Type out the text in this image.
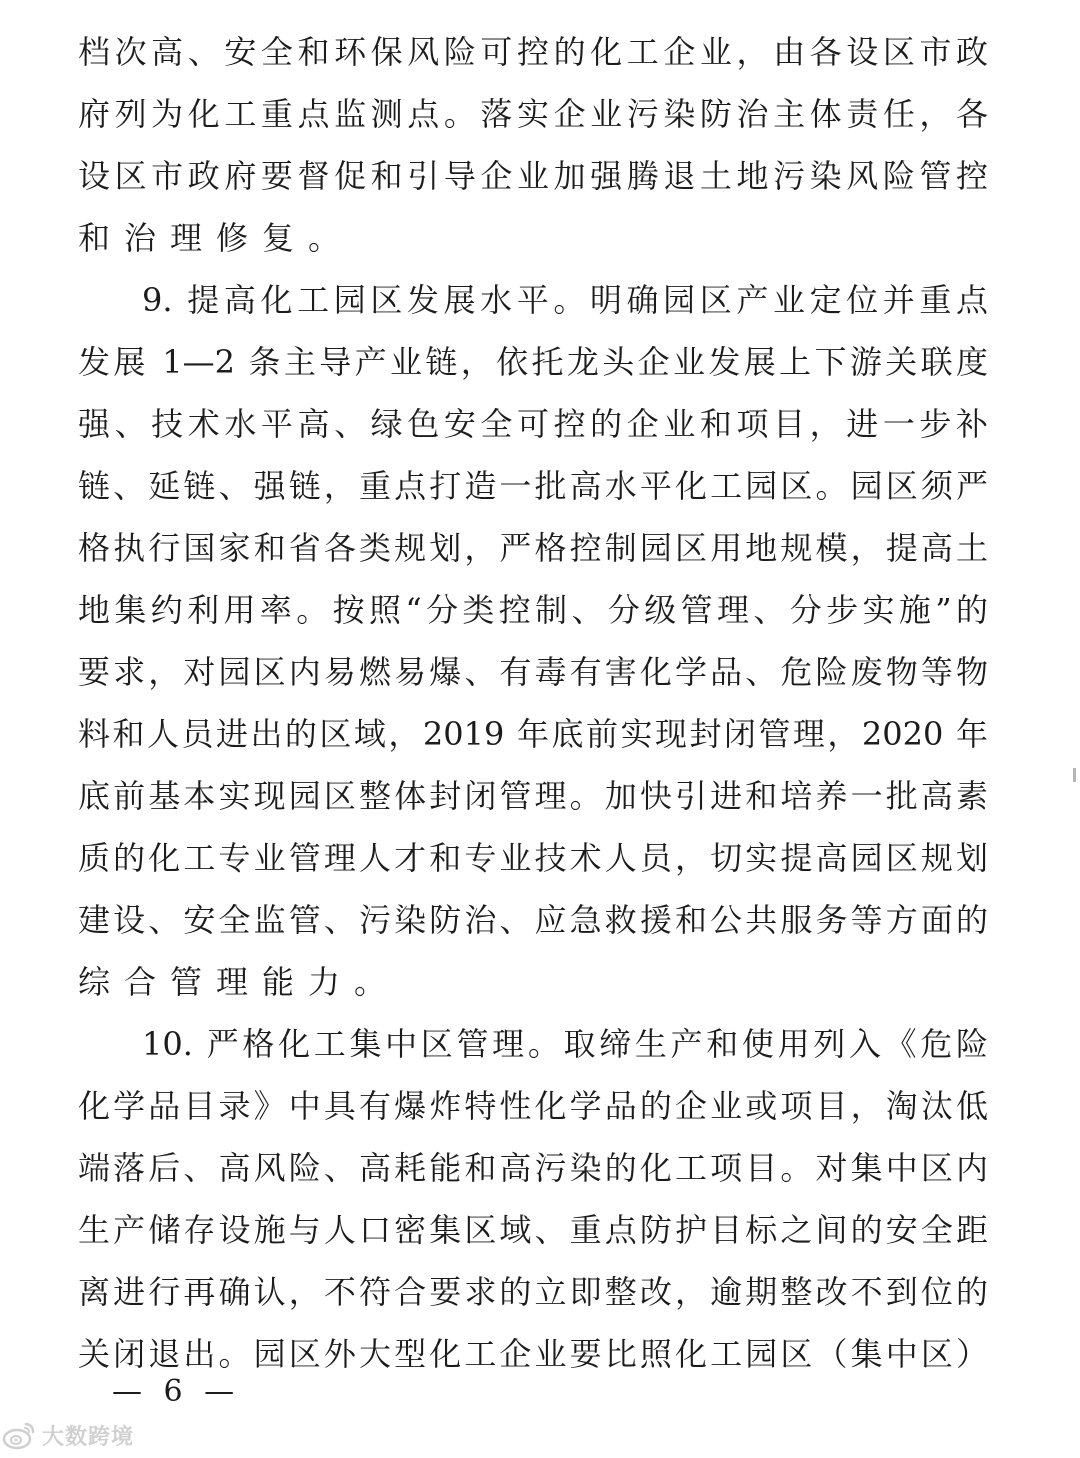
档次高、安全和环保风险可控的化工企业，由各设区市政
府列为化工重点监测点。落实企业污染防治主体责任，各
设区市政府要督促和引导企业加强腾退土地污染风险管控
和治理修复。
9. 提高化工园区发展水平。明确园区产业定位并重点
发展 1—2 条主导产业链，依托龙头企业发展上下游关联度
强、技术水平高、绿色安全可控的企业和项目，进一步补
链、延链、强链，重点打造一批高水平化工园区。园区须严
格执行国家和省各类规划，严格控制园区用地规模，提高土
地集约利用率。按照“分类控制、分级管理、分步实施”的
要求，对园区内易燃易爆、有毒有害化学品、危险废物等物
料和人员进出的区域，2019 年底前实现封闭管理，2020 年
底前基本实现园区整体封闭管理。加快引进和培养一批高素
质的化工专业管理人才和专业技术人员，切实提高园区规划
建设、安全监管、污染防治、应急救援和公共服务等方面的
综合管理能力。
10. 严格化工集中区管理。取缔生产和使用列入《危险
化学品目录》中具有爆炸特性化学品的企业或项目，淘汰低
端落后、高风险、高耗能和高污染的化工项目。对集中区内
生产储存设施与人口密集区域、重点防护目标之间的安全距
离进行再确认，不符合要求的立即整改，逾期整改不到位的
关闭退出。园区外大型化工企业要比照化工园区（集中区）
— 6 —
大数跨境
